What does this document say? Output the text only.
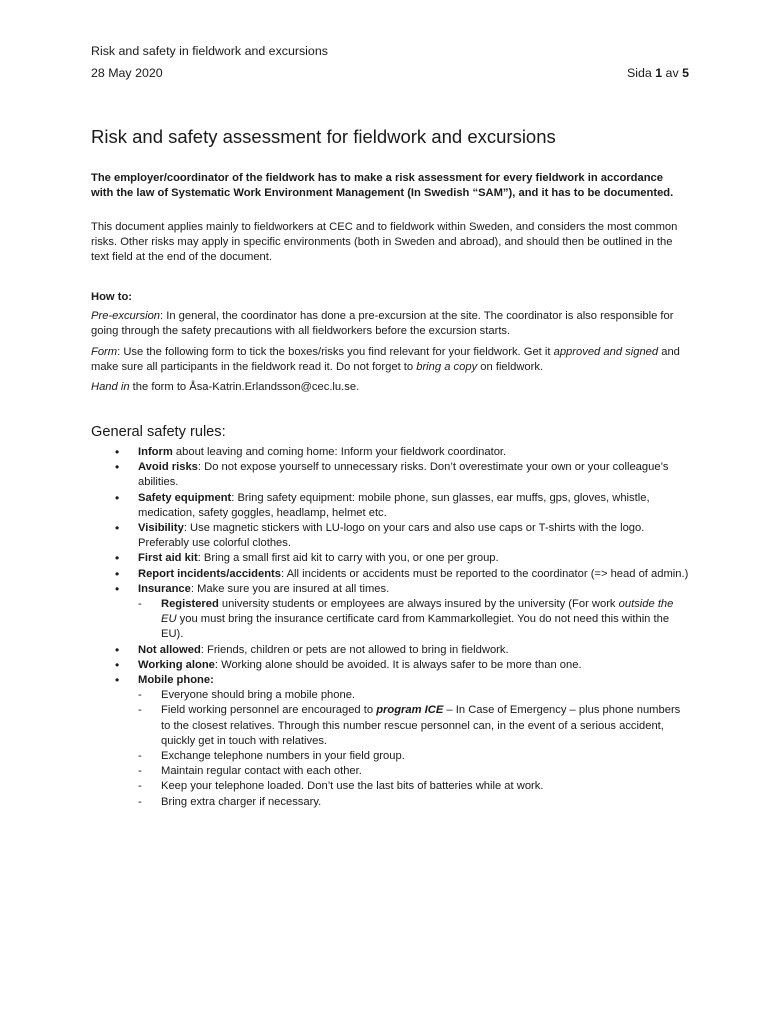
Risk and safety in fieldwork and excursions
28 May 2020	Sida 1 av 5
Risk and safety assessment for fieldwork and excursions

The employer/coordinator of the fieldwork has to make a risk assessment for every fieldwork in accordance with the law of Systematic Work Environment Management (In Swedish “SAM”), and it has to be documented.

This document applies mainly to fieldworkers at CEC and to fieldwork within Sweden, and considers the most common risks. Other risks may apply in specific environments (both in Sweden and abroad), and should then be outlined in the text field at the end of the document.

How to:

Pre-excursion: In general, the coordinator has done a pre-excursion at the site. The coordinator is also responsible for going through the safety precautions with all fieldworkers before the excursion starts.

Form: Use the following form to tick the boxes/risks you find relevant for your fieldwork. Get it approved and signed and make sure all participants in the fieldwork read it. Do not forget to bring a copy on fieldwork.

Hand in the form to Åsa-Katrin.Erlandsson@cec.lu.se.

General safety rules:
• Inform about leaving and coming home: Inform your fieldwork coordinator.
• Avoid risks: Do not expose yourself to unnecessary risks. Don’t overestimate your own or your colleague’s abilities.
• Safety equipment: Bring safety equipment: mobile phone, sun glasses, ear muffs, gps, gloves, whistle, medication, safety goggles, headlamp, helmet etc.
• Visibility: Use magnetic stickers with LU-logo on your cars and also use caps or T-shirts with the logo. Preferably use colorful clothes.
• First aid kit: Bring a small first aid kit to carry with you, or one per group.
• Report incidents/accidents: All incidents or accidents must be reported to the coordinator (=> head of admin.)
• Insurance: Make sure you are insured at all times.
- Registered university students or employees are always insured by the university (For work outside the EU you must bring the insurance certificate card from Kammarkollegiet. You do not need this within the EU).
• Not allowed: Friends, children or pets are not allowed to bring in fieldwork.
• Working alone: Working alone should be avoided. It is always safer to be more than one.
• Mobile phone:
- Everyone should bring a mobile phone.
- Field working personnel are encouraged to program ICE – In Case of Emergency – plus phone numbers to the closest relatives. Through this number rescue personnel can, in the event of a serious accident, quickly get in touch with relatives.
- Exchange telephone numbers in your field group.
- Maintain regular contact with each other.
- Keep your telephone loaded. Don’t use the last bits of batteries while at work.
- Bring extra charger if necessary.
